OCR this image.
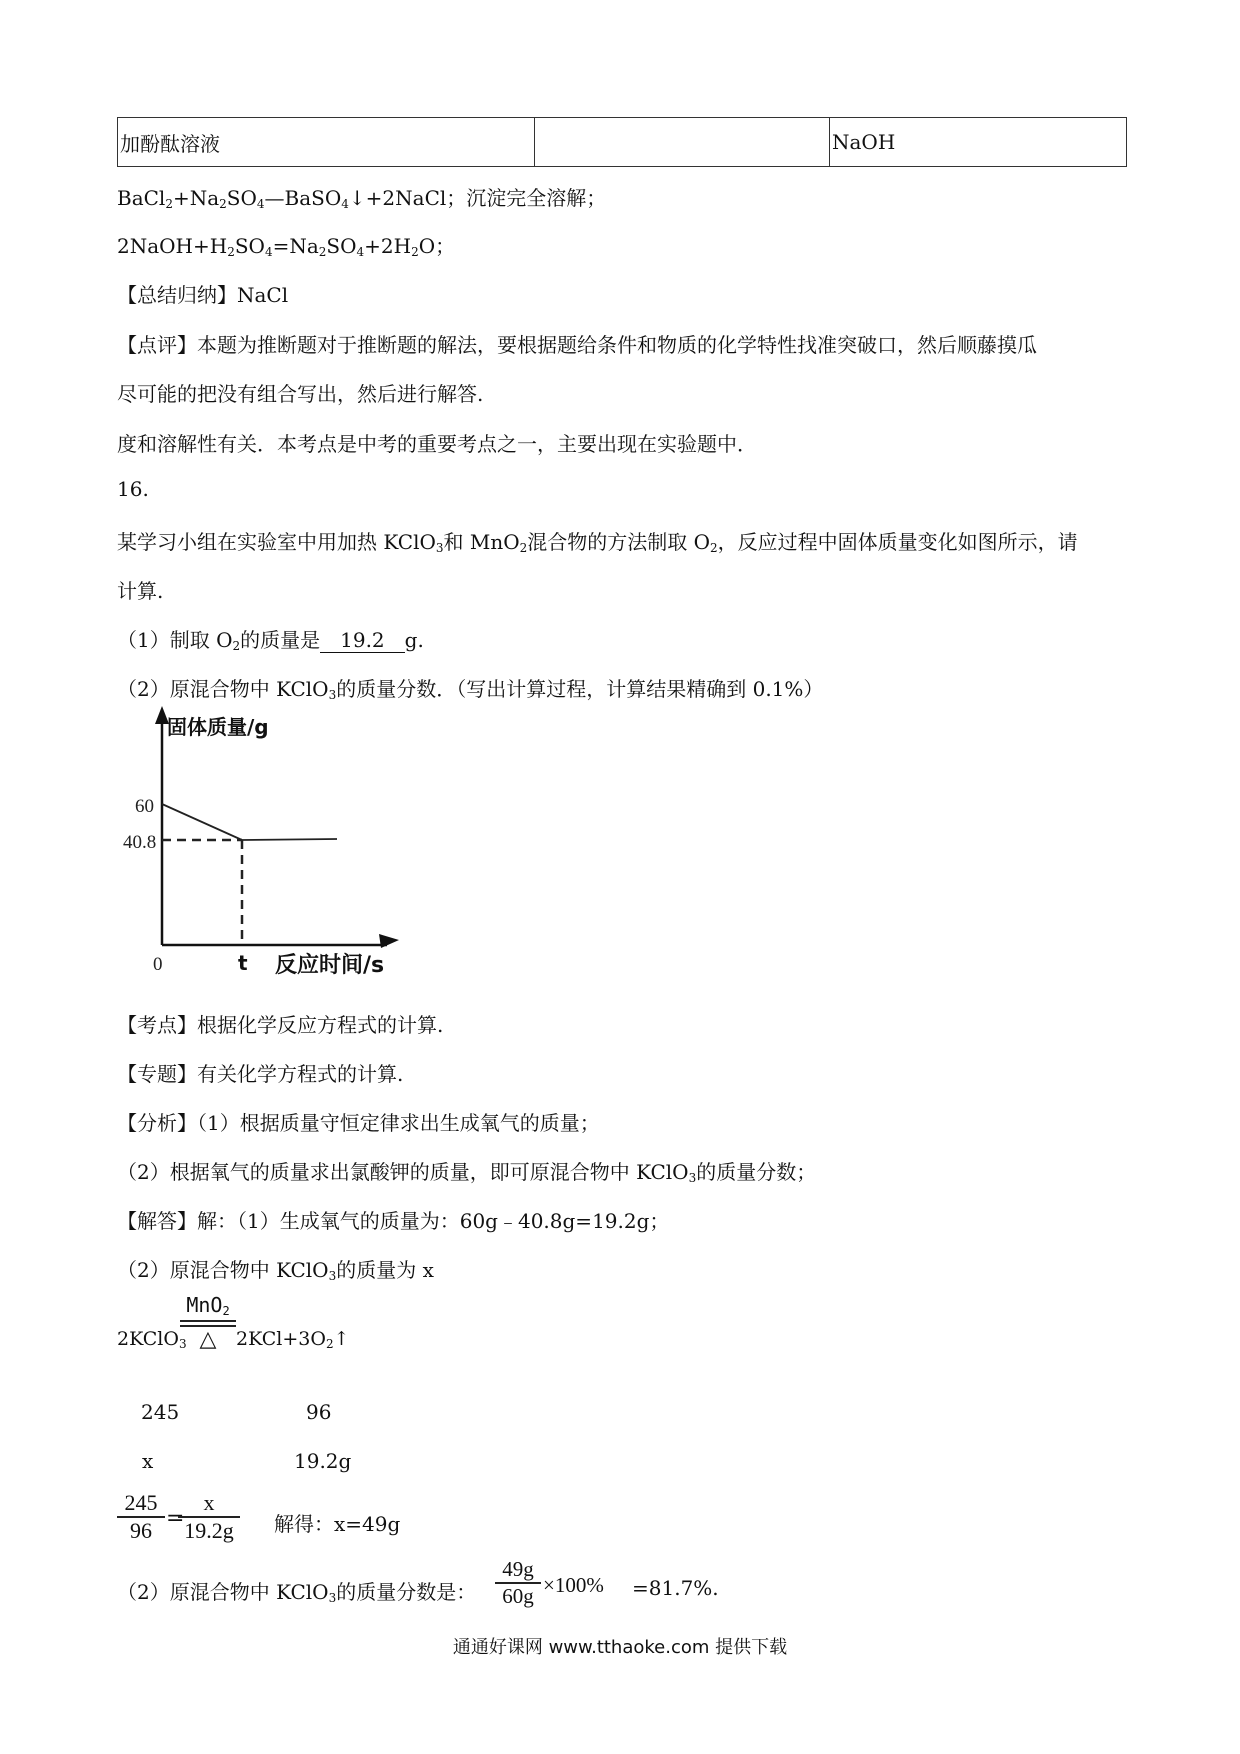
加酚酞溶液		NaOH
$BaCl_2+Na_2SO_4—BaSO_4↓+2NaCl$；沉淀完全溶解；
$2NaOH+H_2SO_4=Na_2SO_4+2H_2O$；
【总结归纳】NaCl
【点评】本题为推断题对于推断题的解法，要根据题给条件和物质的化学特性找准突破口，然后顺藤摸瓜
尽可能的把没有组合写出，然后进行解答.
度和溶解性有关．本考点是中考的重要考点之一，主要出现在实验题中．
16.
某学习小组在实验室中用加热 KClO$_3$和 MnO$_2$混合物的方法制取 $O_2$，反应过程中固体质量变化如图所示，请
计算.
（1）制取 $O_2$的质量是 19.2 g.
（2）原混合物中 KClO$_3$的质量分数．（写出计算过程，计算结果精确到 0.1%）
固体质量/g
60
40.8
0	t 反应时间/s
【考点】根据化学反应方程式的计算.
【专题】有关化学方程式的计算.
【分析】（1）根据质量守恒定律求出生成氧气的质量；
（2）根据氧气的质量求出氯酸钾的质量，即可原混合物中 KClO$_3$的质量分数；
【解答】解：（1）生成氧气的质量为：60g﹣40.8g=19.2g；
（2）原混合物中 KClO$_3$的质量为 x
2KClO$_3$
MnO$_2$
△	$2KCl+3O_2↑$
245	96
x	19.2g
$\frac{245}{96}$ =
$\frac{x}{19.2g}$ 解得：x=49g
（2）原混合物中 KClO$_3$的质量分数是： $\frac{49g}{60g} \times 100\% =81.7\%$.
通通好课网 www.tthaoke.com 提供下载
